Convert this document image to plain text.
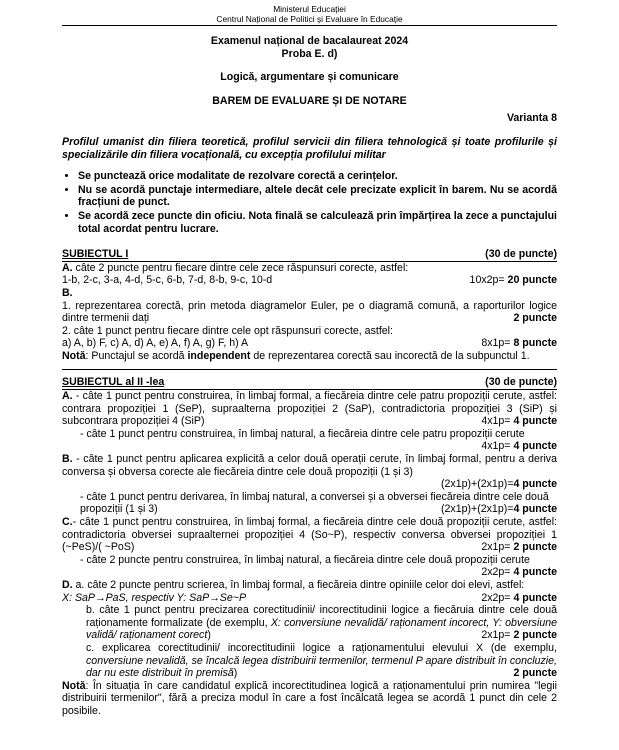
Ministerul Educației
Centrul Național de Politici și Evaluare în Educație
Examenul național de bacalaureat 2024
Proba E. d)
Logică, argumentare și comunicare
BAREM DE EVALUARE ȘI DE NOTARE
Varianta 8
Profilul umanist din filiera teoretică, profilul servicii din filiera tehnologică și toate profilurile și specializările din filiera vocațională, cu excepția profilului militar
• Se punctează orice modalitate de rezolvare corectă a cerințelor.
• Nu se acordă punctaje intermediare, altele decât cele precizate explicit în barem. Nu se acordă fracțiuni de punct.
• Se acordă zece puncte din oficiu. Nota finală se calculează prin împărțirea la zece a punctajului total acordat pentru lucrare.
SUBIECTUL I	(30 de puncte)
A. câte 2 puncte pentru fiecare dintre cele zece răspunsuri corecte, astfel:
1-b, 2-c, 3-a, 4-d, 5-c, 6-b, 7-d, 8-b, 9-c, 10-d	10x2p= 20 puncte
B.
1. reprezentarea corectă, prin metoda diagramelor Euler, pe o diagramă comună, a raporturilor logice dintre termenii dați	2 puncte
2. câte 1 punct pentru fiecare dintre cele opt răspunsuri corecte, astfel:
a) A, b) F, c) A, d) A, e) A, f) A, g) F, h) A	8x1p= 8 puncte
Notă: Punctajul se acordă independent de reprezentarea corectă sau incorectă de la subpunctul 1.
SUBIECTUL al II -lea	(30 de puncte)
A. - câte 1 punct pentru construirea, în limbaj formal, a fiecăreia dintre cele patru propoziții cerute, astfel: contrara propoziției 1 (SeP), supraalterna propoziției 2 (SaP), contradictoria propoziției 3 (SiP) și subcontrara propoziției 4 (SiP)	4x1p= 4 puncte
- câte 1 punct pentru construirea, în limbaj natural, a fiecăreia dintre cele patru propoziții cerute
4x1p= 4 puncte
B. - câte 1 punct pentru aplicarea explicită a celor două operații cerute, în limbaj formal, pentru a deriva conversa și obversa corecte ale fiecăreia dintre cele două propoziții (1 și 3)
(2x1p)+(2x1p)=4 puncte
- câte 1 punct pentru derivarea, în limbaj natural, a conversei și a obversei fiecăreia dintre cele două propoziții (1 și 3)	(2x1p)+(2x1p)=4 puncte
C.- câte 1 punct pentru construirea, în limbaj formal, a fiecăreia dintre cele două propoziții cerute, astfel: contradictoria obversei supraalternei propoziției 4 (So~P), respectiv conversa obversei propoziției 1 (~PeS)/( ~PoS)	2x1p= 2 puncte
- câte 2 puncte pentru construirea, în limbaj natural, a fiecăreia dintre cele două propoziții cerute
2x2p= 4 puncte
D. a. câte 2 puncte pentru scrierea, în limbaj formal, a fiecăreia dintre opiniile celor doi elevi, astfel:
X: SaP→PaS, respectiv Y: SaP→Se~P	2x2p= 4 puncte
b. câte 1 punct pentru precizarea corectitudinii/ incorectitudinii logice a fiecăruia dintre cele două raționamente formalizate (de exemplu, X: conversiune nevalidă/ raționament incorect, Y: obversiune validă/ raționament corect)	2x1p= 2 puncte
c. explicarea corectitudinii/ incorectitudinii logice a raționamentului elevului X (de exemplu, conversiune nevalidă, se încalcă legea distribuirii termenilor, termenul P apare distribuit în concluzie, dar nu este distribuit în premisă)	2 puncte
Notă: În situația în care candidatul explică incorectitudinea logică a raționamentului prin numirea "legii distribuirii termenilor", fără a preciza modul în care a fost încălcată legea se acordă 1 punct din cele 2 posibile.
